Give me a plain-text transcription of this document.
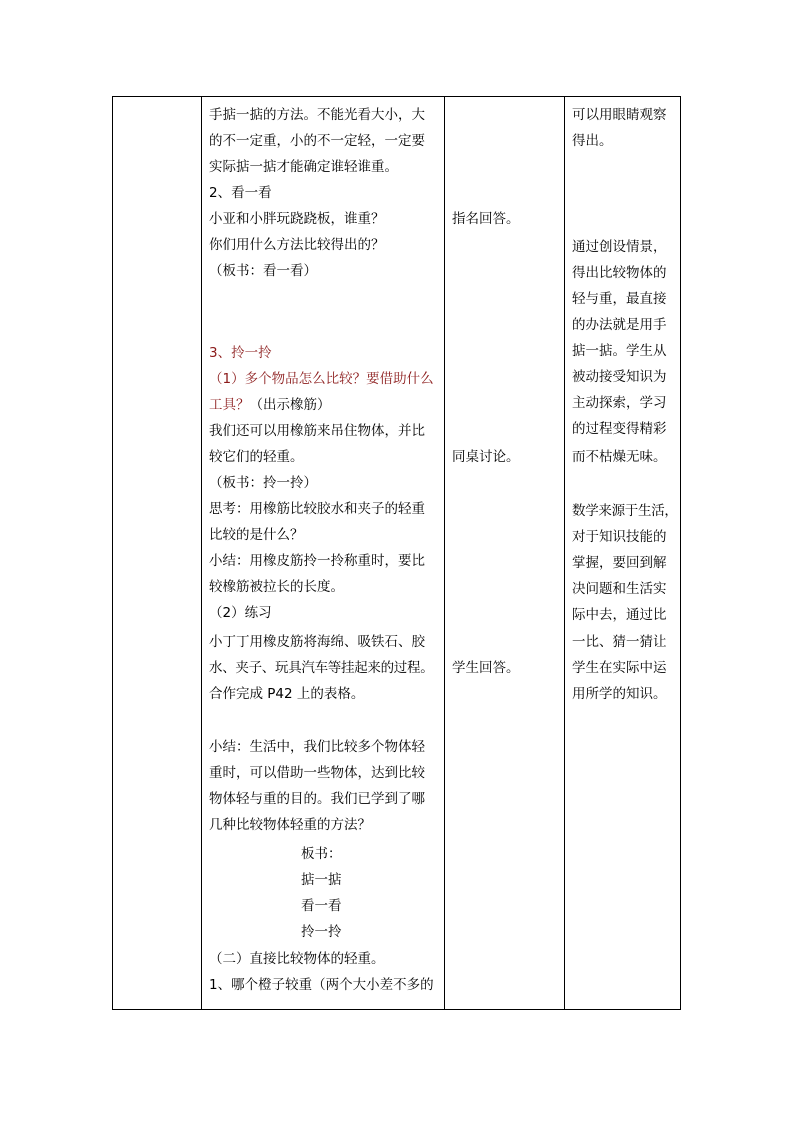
手掂一掂的方法。不能光看大小，大
的不一定重，小的不一定轻，一定要
实际掂一掂才能确定谁轻谁重。
2、看一看
小亚和小胖玩跷跷板，谁重？
你们用什么方法比较得出的？
（板书：看一看）
3、拎一拎
（1）多个物品怎么比较？要借助什么
工具？（出示橡筋）
我们还可以用橡筋来吊住物体，并比
较它们的轻重。
（板书：拎一拎）
思考：用橡筋比较胶水和夹子的轻重
比较的是什么？
小结：用橡皮筋拎一拎称重时，要比
较橡筋被拉长的长度。
（2）练习
小丁丁用橡皮筋将海绵、吸铁石、胶
水、夹子、玩具汽车等挂起来的过程。
合作完成 P42 上的表格。
小结：生活中，我们比较多个物体轻
重时，可以借助一些物体，达到比较
物体轻与重的目的。我们已学到了哪
几种比较物体轻重的方法？
板书：
掂一掂
看一看
拎一拎
（二）直接比较物体的轻重。
1、哪个橙子较重（两个大小差不多的
指名回答。
同桌讨论。
学生回答。
可以用眼睛观察
得出。
通过创设情景，
得出比较物体的
轻与重，最直接
的办法就是用手
掂一掂。学生从
被动接受知识为
主动探索，学习
的过程变得精彩
而不枯燥无味。
数学来源于生活，
对于知识技能的
掌握，要回到解
决问题和生活实
际中去，通过比
一比、猜一猜让
学生在实际中运
用所学的知识。
